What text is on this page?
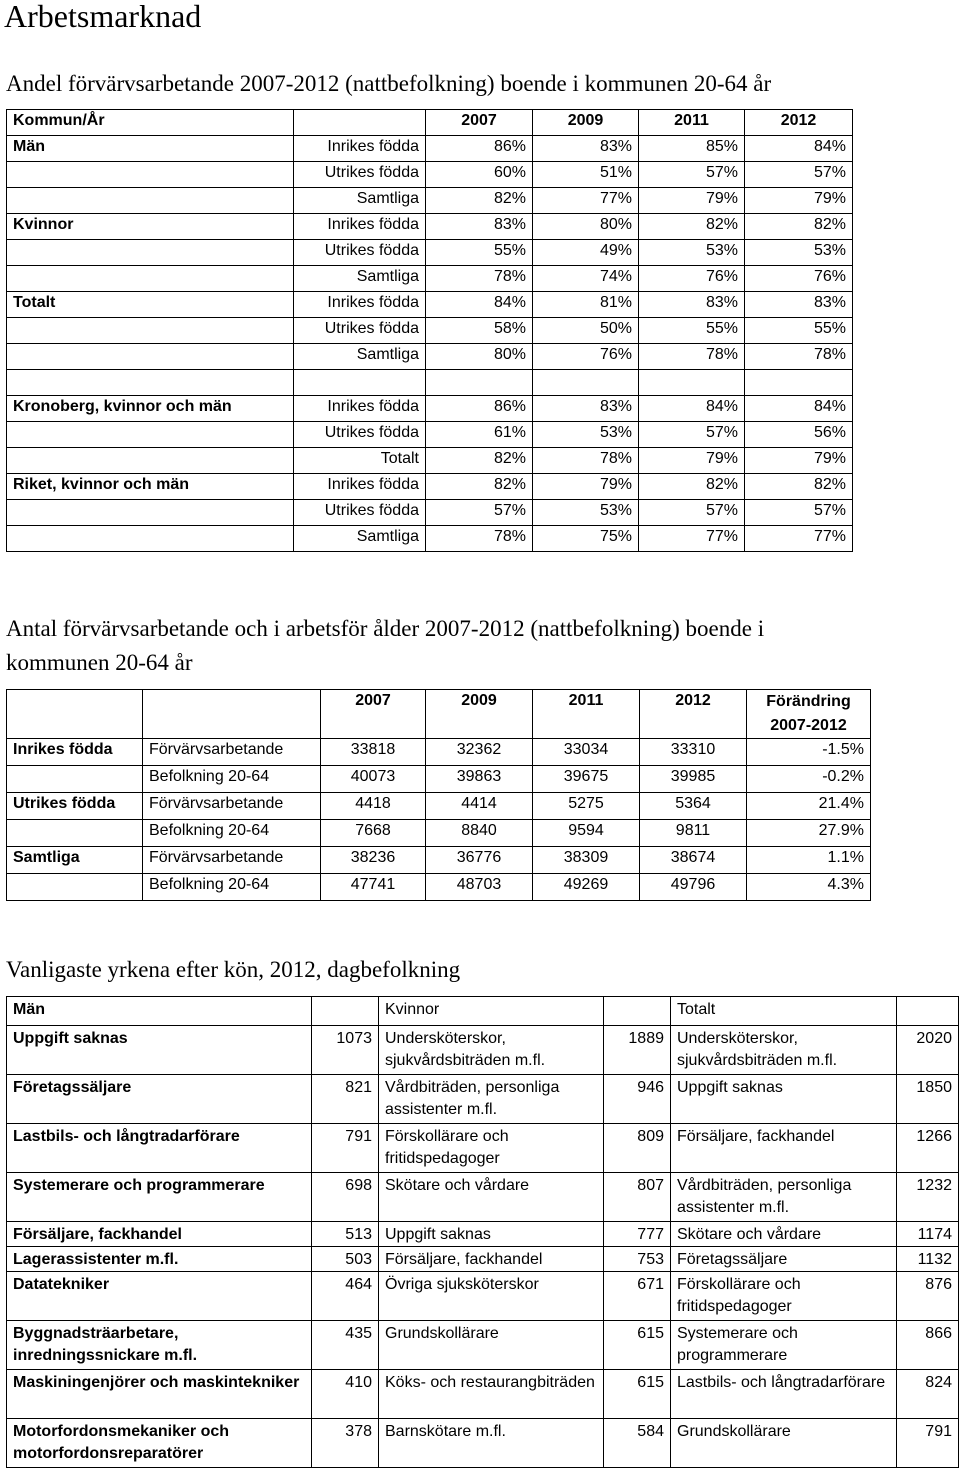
Arbetsmarknad
Andel förvärvsarbetande 2007-2012 (nattbefolkning) boende i kommunen 20-64 år
Kommun/År		2007	2009	2011	2012
Män	Inrikes födda	86%	83%	85%	84%
	Utrikes födda	60%	51%	57%	57%
	Samtliga	82%	77%	79%	79%
Kvinnor	Inrikes födda	83%	80%	82%	82%
	Utrikes födda	55%	49%	53%	53%
	Samtliga	78%	74%	76%	76%
Totalt	Inrikes födda	84%	81%	83%	83%
	Utrikes födda	58%	50%	55%	55%
	Samtliga	80%	76%	78%	78%

Kronoberg, kvinnor och män	Inrikes födda	86%	83%	84%	84%
	Utrikes födda	61%	53%	57%	56%
	Totalt	82%	78%	79%	79%
Riket, kvinnor och män	Inrikes födda	82%	79%	82%	82%
	Utrikes födda	57%	53%	57%	57%
	Samtliga	78%	75%	77%	77%
Antal förvärvsarbetande och i arbetsför ålder 2007-2012 (nattbefolkning) boende i
kommunen 20-64 år
		2007	2009	2011	2012	Förändring 2007-2012
Inrikes födda	Förvärvsarbetande	33818	32362	33034	33310	-1.5%
	Befolkning 20-64	40073	39863	39675	39985	-0.2%
Utrikes födda	Förvärvsarbetande	4418	4414	5275	5364	21.4%
	Befolkning 20-64	7668	8840	9594	9811	27.9%
Samtliga	Förvärvsarbetande	38236	36776	38309	38674	1.1%
	Befolkning 20-64	47741	48703	49269	49796	4.3%
Vanligaste yrkena efter kön, 2012, dagbefolkning
Män		Kvinnor		Totalt	
Uppgift saknas	1073	Undersköterskor, sjukvårdsbiträden m.fl.	1889	Undersköterskor, sjukvårdsbiträden m.fl.	2020
Företagssäljare	821	Vårdbiträden, personliga assistenter m.fl.	946	Uppgift saknas	1850
Lastbils- och långtradarförare	791	Förskollärare och fritidspedagoger	809	Försäljare, fackhandel	1266
Systemerare och programmerare	698	Skötare och vårdare	807	Vårdbiträden, personliga assistenter m.fl.	1232
Försäljare, fackhandel	513	Uppgift saknas	777	Skötare och vårdare	1174
Lagerassistenter m.fl.	503	Försäljare, fackhandel	753	Företagssäljare	1132
Datatekniker	464	Övriga sjuksköterskor	671	Förskollärare och fritidspedagoger	876
Byggnadsträarbetare, inredningssnickare m.fl.	435	Grundskollärare	615	Systemerare och programmerare	866
Maskiningenjörer och maskintekniker	410	Köks- och restaurangbiträden	615	Lastbils- och långtradarförare	824
Motorfordonsmekaniker och motorfordonsreparatörer	378	Barnskötare m.fl.	584	Grundskollärare	791
